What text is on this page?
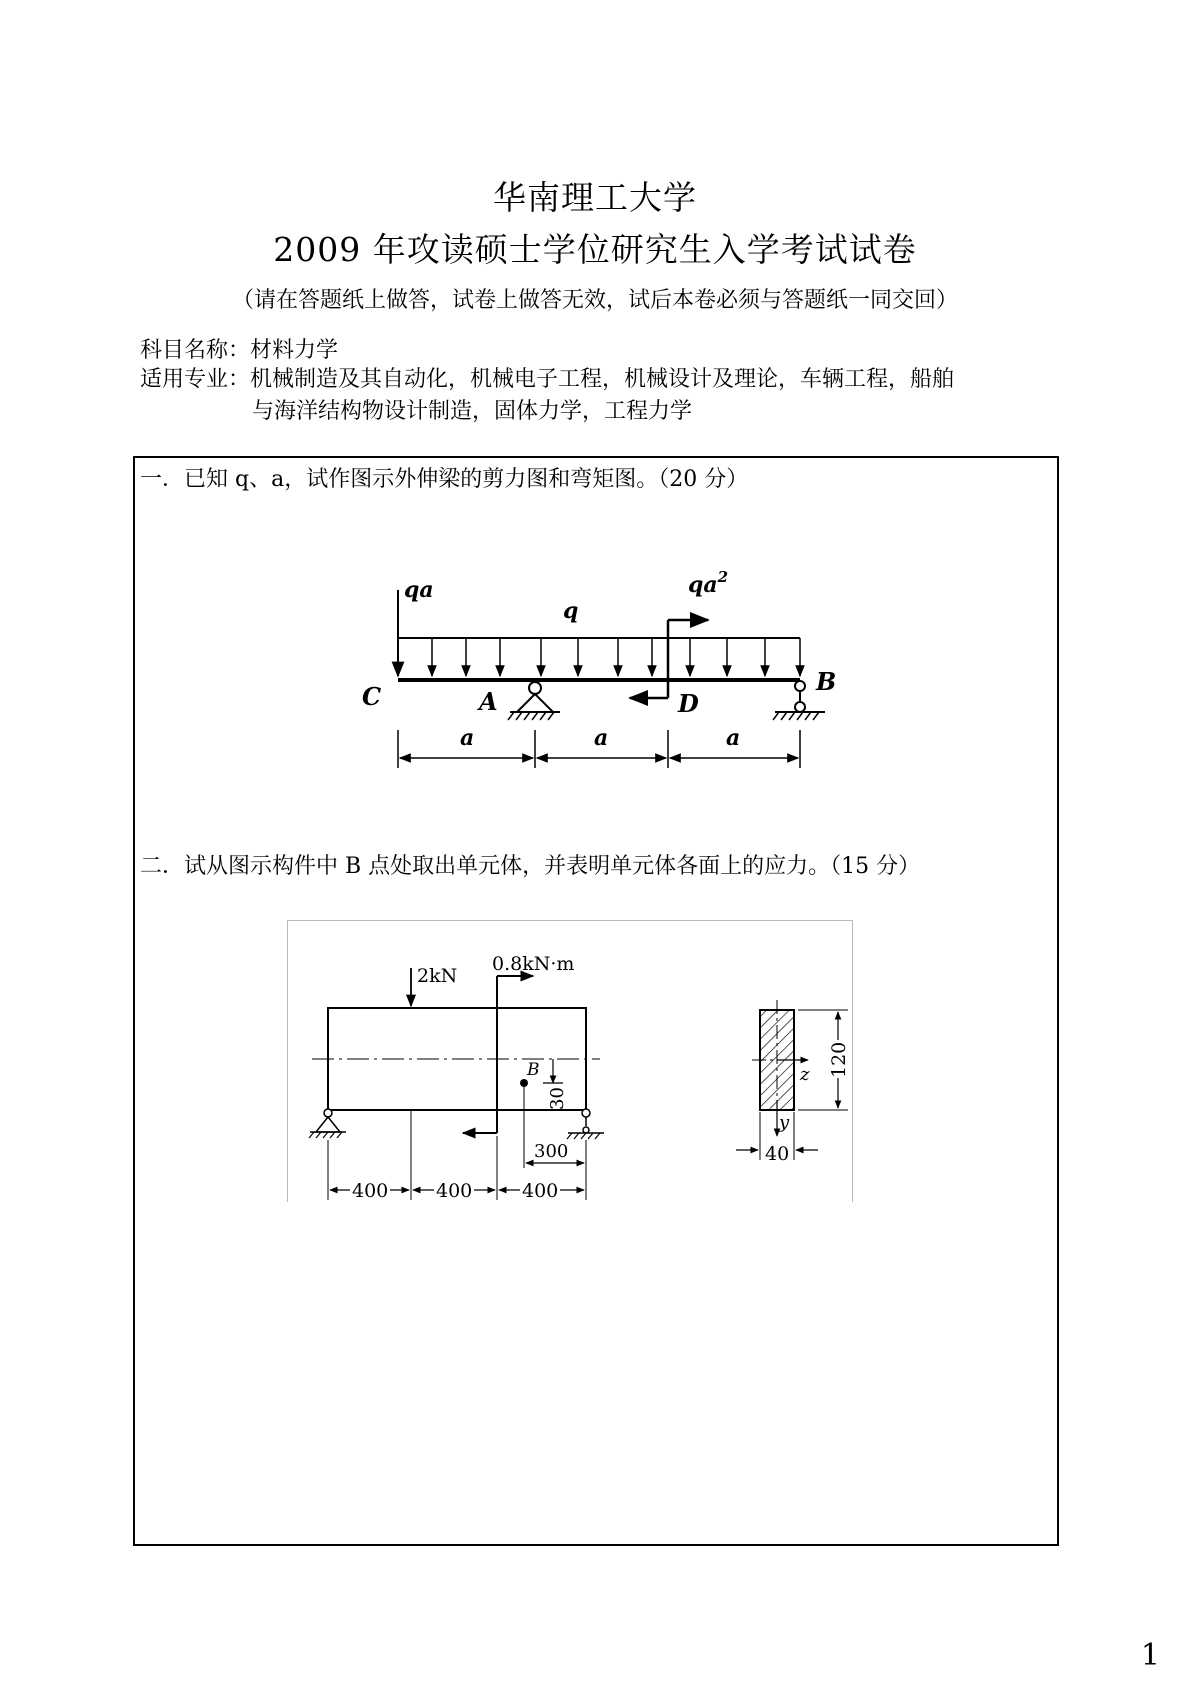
华南理工大学
2009 年攻读硕士学位研究生入学考试试卷
（请在答题纸上做答，试卷上做答无效，试后本卷必须与答题纸一同交回）
科目名称：材料力学
适用专业：机械制造及其自动化，机械电子工程，机械设计及理论，车辆工程，船舶
与海洋结构物设计制造，固体力学，工程力学
一．已知 q、a，试作图示外伸梁的剪力图和弯矩图。（20 分）
qa
q
$qa^2$
C	A	D
B
a	a	a
二．试从图示构件中 B 点处取出单元体，并表明单元体各面上的应力。（15 分）
2kN
0.8kN·m
B
30
300
400	400	400
z
y
120
40
1
